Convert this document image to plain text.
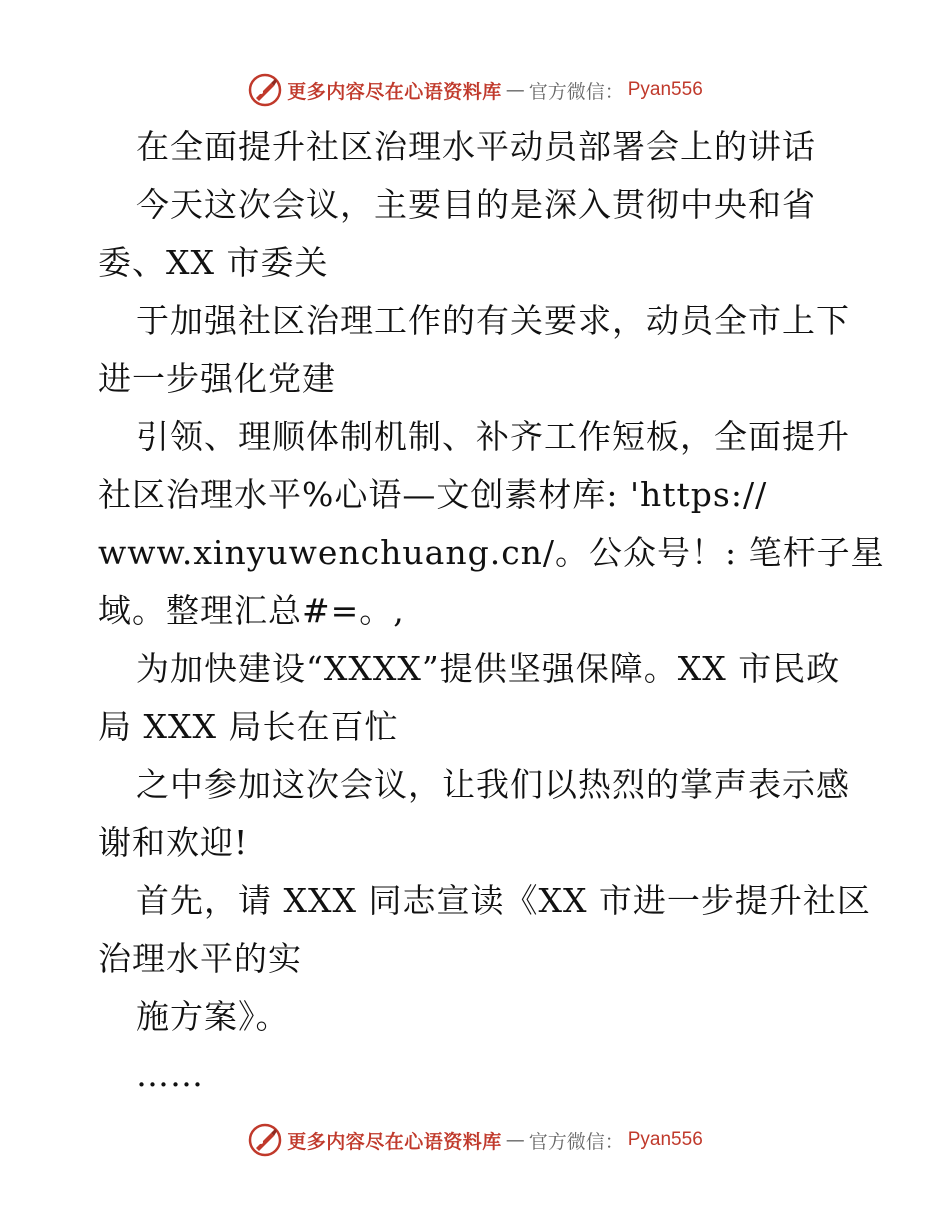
更多内容尽在心语资料库 — 官方微信： Pyan556
在全面提升社区治理水平动员部署会上的讲话
今天这次会议，主要目的是深入贯彻中央和省
委、XX 市委关
于加强社区治理工作的有关要求，动员全市上下
进一步强化党建
引领、理顺体制机制、补齐工作短板，全面提升
社区治理水平%心语—文创素材库: 'https://
www.xinyuwenchuang.cn/。公众号！: 笔杆子星
域。整理汇总#=。,
为加快建设“XXXX”提供坚强保障。XX 市民政
局 XXX 局长在百忙
之中参加这次会议，让我们以热烈的掌声表示感
谢和欢迎!
首先，请 XXX 同志宣读《XX 市进一步提升社区
治理水平的实
施方案》。
……
更多内容尽在心语资料库 — 官方微信： Pyan556
